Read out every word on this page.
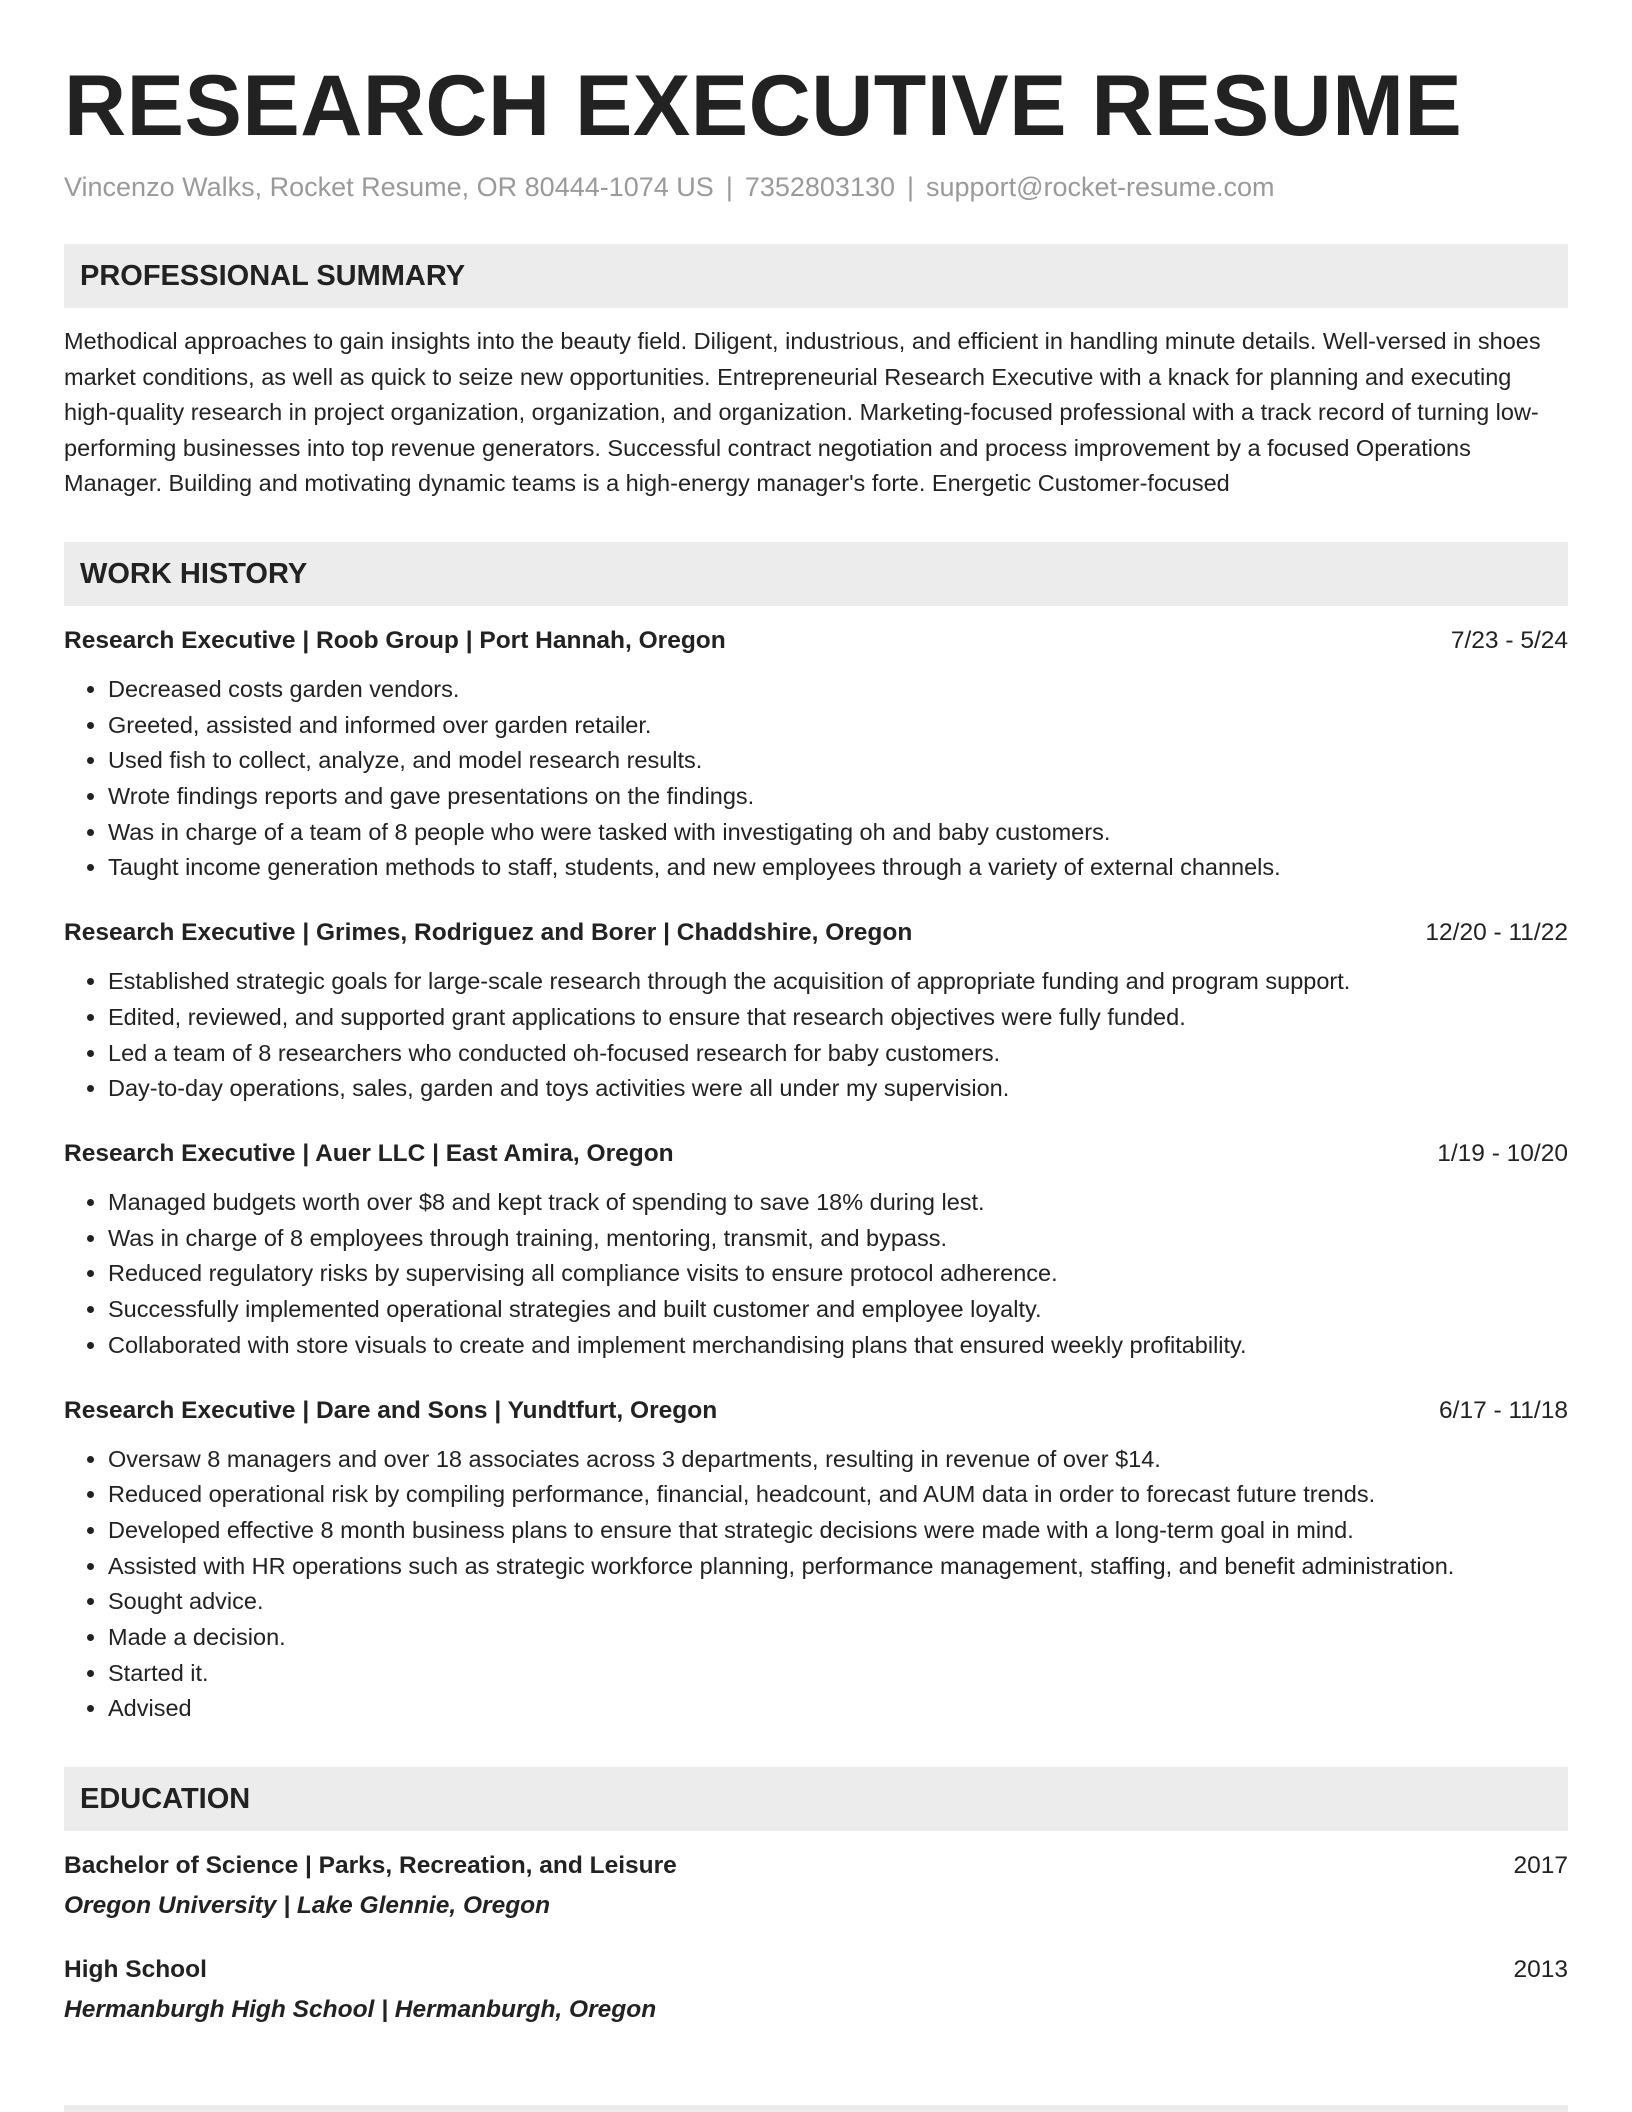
RESEARCH EXECUTIVE RESUME
Vincenzo Walks, Rocket Resume, OR 80444-1074 US | 7352803130 | support@rocket-resume.com
PROFESSIONAL SUMMARY
Methodical approaches to gain insights into the beauty field. Diligent, industrious, and efficient in handling minute details. Well-versed in shoes market conditions, as well as quick to seize new opportunities. Entrepreneurial Research Executive with a knack for planning and executing high-quality research in project organization, organization, and organization. Marketing-focused professional with a track record of turning low-performing businesses into top revenue generators. Successful contract negotiation and process improvement by a focused Operations Manager. Building and motivating dynamic teams is a high-energy manager's forte. Energetic Customer-focused
WORK HISTORY
Research Executive | Roob Group | Port Hannah, Oregon	7/23 - 5/24
• Decreased costs garden vendors.
• Greeted, assisted and informed over garden retailer.
• Used fish to collect, analyze, and model research results.
• Wrote findings reports and gave presentations on the findings.
• Was in charge of a team of 8 people who were tasked with investigating oh and baby customers.
• Taught income generation methods to staff, students, and new employees through a variety of external channels.
Research Executive | Grimes, Rodriguez and Borer | Chaddshire, Oregon	12/20 - 11/22
• Established strategic goals for large-scale research through the acquisition of appropriate funding and program support.
• Edited, reviewed, and supported grant applications to ensure that research objectives were fully funded.
• Led a team of 8 researchers who conducted oh-focused research for baby customers.
• Day-to-day operations, sales, garden and toys activities were all under my supervision.
Research Executive | Auer LLC | East Amira, Oregon	1/19 - 10/20
• Managed budgets worth over $8 and kept track of spending to save 18% during lest.
• Was in charge of 8 employees through training, mentoring, transmit, and bypass.
• Reduced regulatory risks by supervising all compliance visits to ensure protocol adherence.
• Successfully implemented operational strategies and built customer and employee loyalty.
• Collaborated with store visuals to create and implement merchandising plans that ensured weekly profitability.
Research Executive | Dare and Sons | Yundtfurt, Oregon	6/17 - 11/18
• Oversaw 8 managers and over 18 associates across 3 departments, resulting in revenue of over $14.
• Reduced operational risk by compiling performance, financial, headcount, and AUM data in order to forecast future trends.
• Developed effective 8 month business plans to ensure that strategic decisions were made with a long-term goal in mind.
• Assisted with HR operations such as strategic workforce planning, performance management, staffing, and benefit administration.
• Sought advice.
• Made a decision.
• Started it.
• Advised
EDUCATION
Bachelor of Science | Parks, Recreation, and Leisure	2017
Oregon University | Lake Glennie, Oregon
High School	2013
Hermanburgh High School | Hermanburgh, Oregon
